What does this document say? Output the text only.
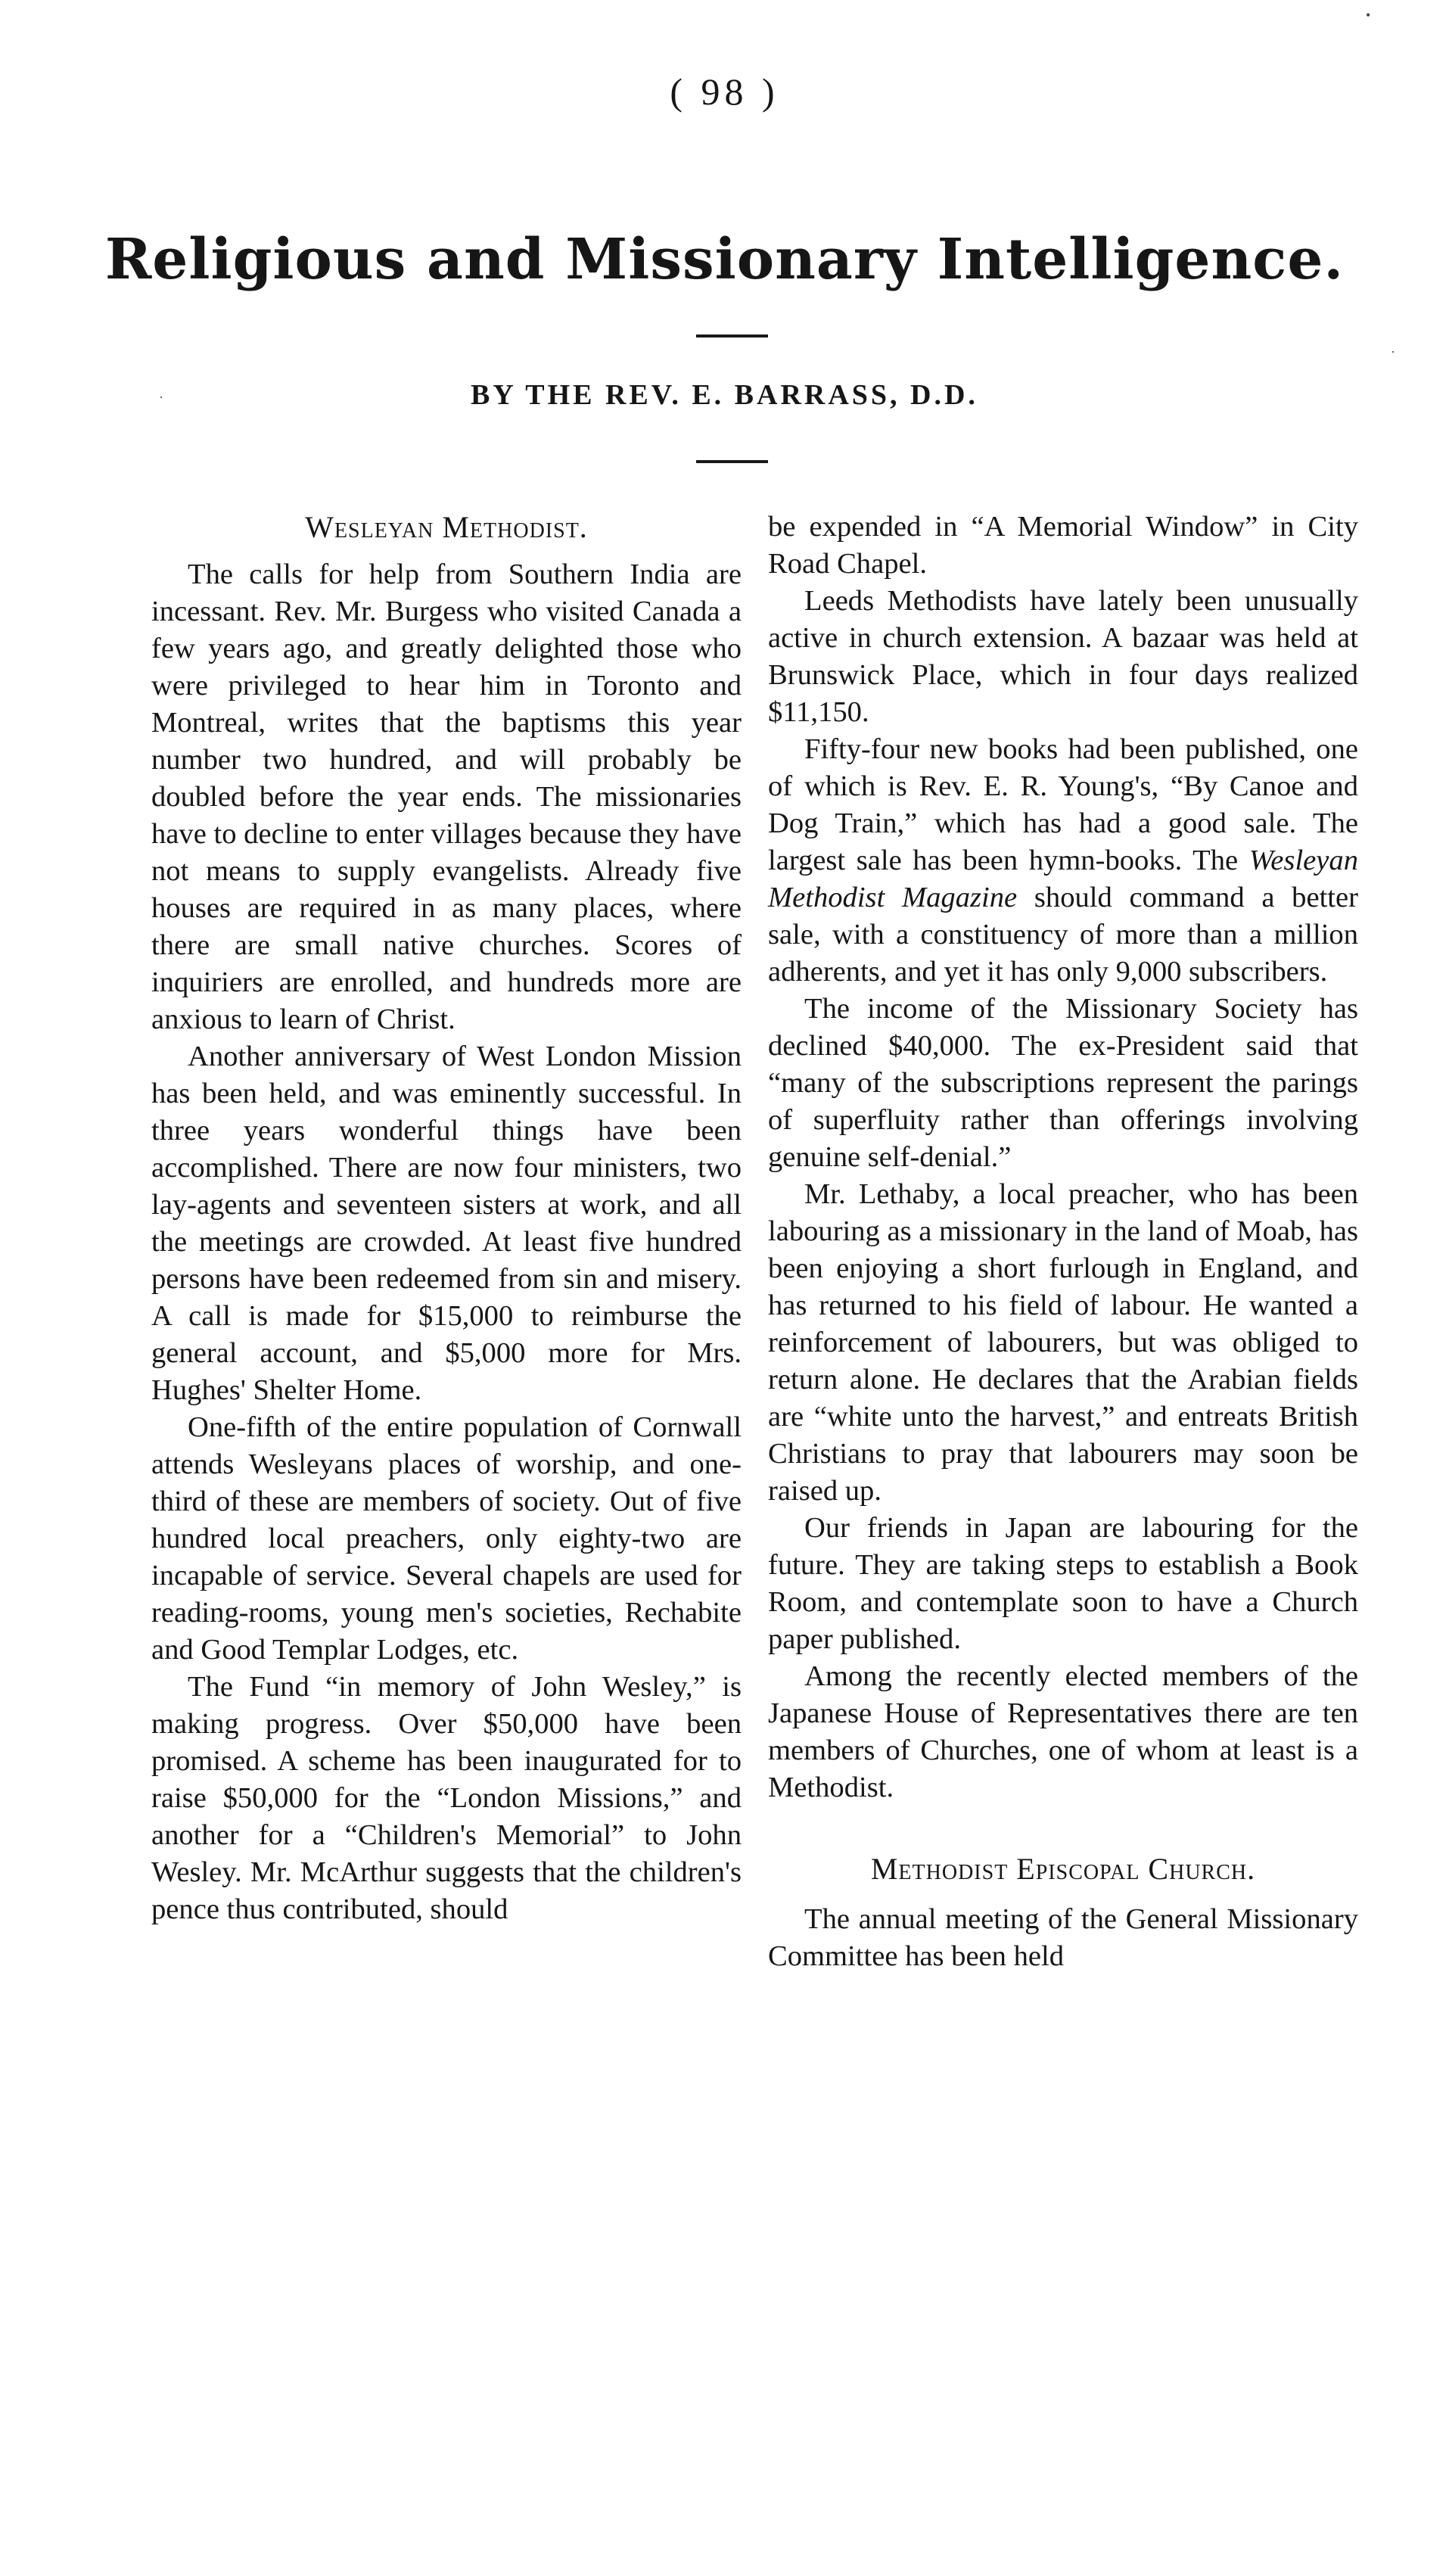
( 98 )
Religious and Missionary Intelligence.
BY THE REV. E. BARRASS, D.D.
Wesleyan Methodist.

The calls for help from Southern India are incessant. Rev. Mr. Burgess who visited Canada a few years ago, and greatly delighted those who were privileged to hear him in Toronto and Montreal, writes that the baptisms this year number two hundred, and will probably be doubled before the year ends. The missionaries have to decline to enter villages because they have not means to supply evangelists. Already five houses are required in as many places, where there are small native churches. Scores of inquiriers are enrolled, and hundreds more are anxious to learn of Christ.

Another anniversary of West London Mission has been held, and was eminently successful. In three years wonderful things have been accomplished. There are now four ministers, two lay-agents and seventeen sisters at work, and all the meetings are crowded. At least five hundred persons have been redeemed from sin and misery. A call is made for $15,000 to reimburse the general account, and $5,000 more for Mrs. Hughes' Shelter Home.

One-fifth of the entire population of Cornwall attends Wesleyans places of worship, and one-third of these are members of society. Out of five hundred local preachers, only eighty-two are incapable of service. Several chapels are used for reading-rooms, young men's societies, Rechabite and Good Templar Lodges, etc.

The Fund “in memory of John Wesley,” is making progress. Over $50,000 have been promised. A scheme has been inaugurated for to raise $50,000 for the “London Missions,” and another for a “Children's Memorial” to John Wesley. Mr. McArthur suggests that the children's pence thus contributed, should

be expended in “A Memorial Window” in City Road Chapel.

Leeds Methodists have lately been unusually active in church extension. A bazaar was held at Brunswick Place, which in four days realized $11,150.

Fifty-four new books had been published, one of which is Rev. E. R. Young's, “By Canoe and Dog Train,” which has had a good sale. The largest sale has been hymn-books. The Wesleyan Methodist Magazine should command a better sale, with a constituency of more than a million adherents, and yet it has only 9,000 subscribers.

The income of the Missionary Society has declined $40,000. The ex-President said that “many of the subscriptions represent the parings of superfluity rather than offerings involving genuine self-denial.”

Mr. Lethaby, a local preacher, who has been labouring as a missionary in the land of Moab, has been enjoying a short furlough in England, and has returned to his field of labour. He wanted a reinforcement of labourers, but was obliged to return alone. He declares that the Arabian fields are “white unto the harvest,” and entreats British Christians to pray that labourers may soon be raised up.

Our friends in Japan are labouring for the future. They are taking steps to establish a Book Room, and contemplate soon to have a Church paper published.

Among the recently elected members of the Japanese House of Representatives there are ten members of Churches, one of whom at least is a Methodist.

Methodist Episcopal Church.

The annual meeting of the General Missionary Committee has been held

•
·
·
